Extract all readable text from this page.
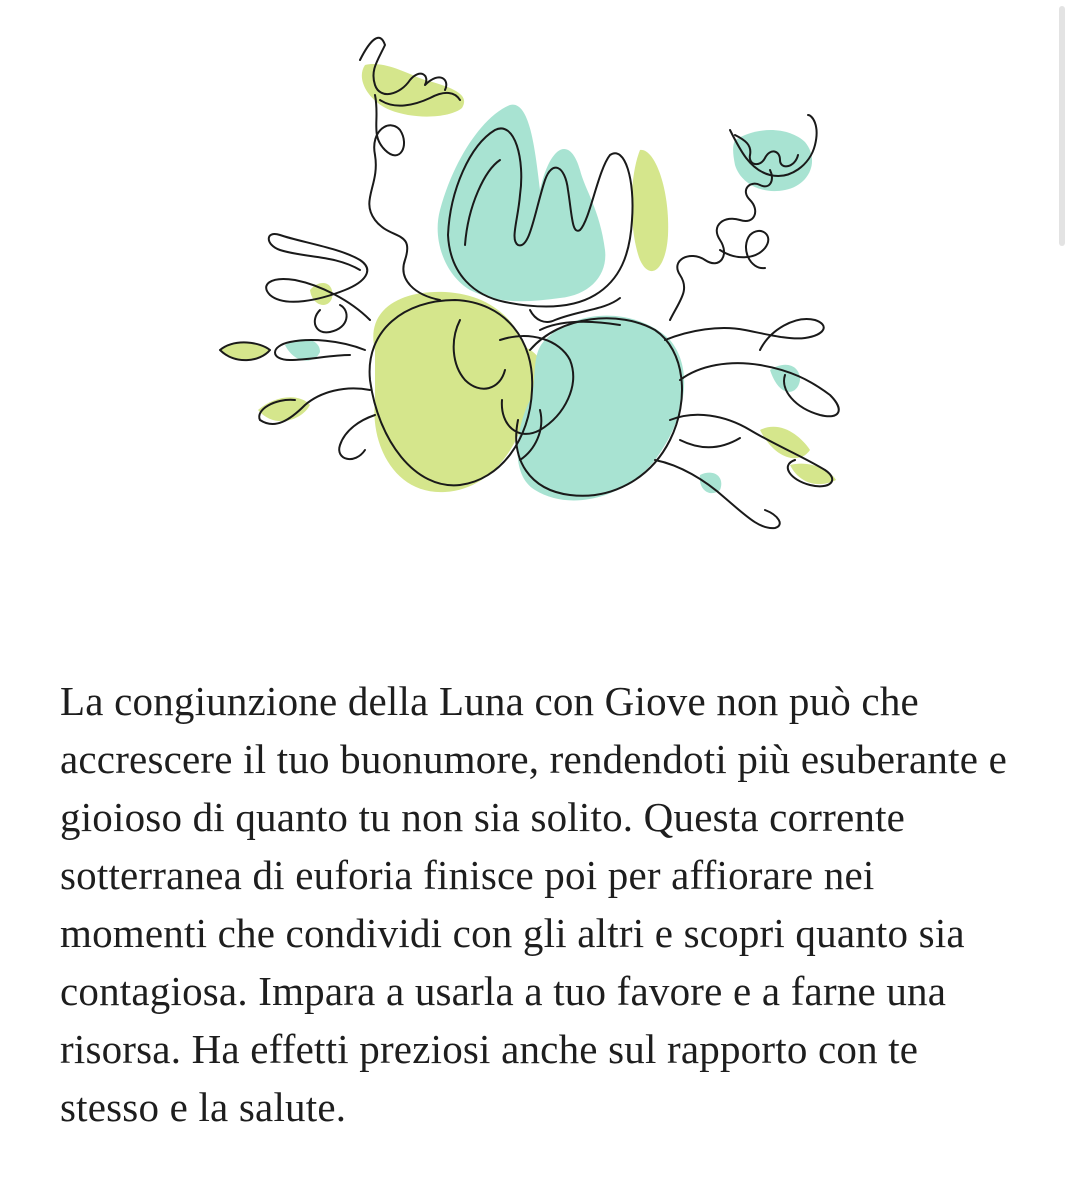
La congiunzione della Luna con Giove non può che accrescere il tuo buonumore, rendendoti più esuberante e gioioso di quanto tu non sia solito. Questa corrente sotterranea di euforia finisce poi per affiorare nei momenti che condividi con gli altri e scopri quanto sia contagiosa. Impara a usarla a tuo favore e a farne una risorsa. Ha effetti preziosi anche sul rapporto con te stesso e la salute.
